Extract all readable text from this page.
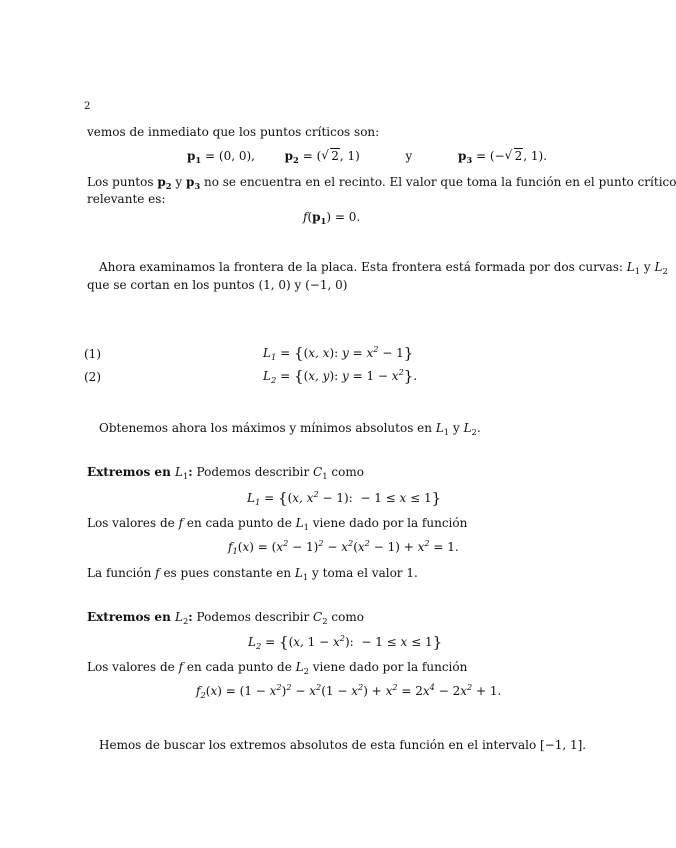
2
vemos de inmediato que los puntos críticos son:
$p_1 = (0$, 0), $p_2$ = ( √ 2, 1)	y	$p_3$ = (− √ 2, 1).
Los puntos $p_2$ y $p_3$ no se encuentra en el recinto. El valor que toma la función en el punto crítico
relevante es:
$f(p_1) = 0$.
Ahora examinamos la frontera de la placa. Esta frontera está formada por dos curvas: $L_1$ y $L_2$
que se cortan en los puntos (1, 0) y (−1, 0)
(1)	$L_1 = \{(x$, x): $y = x^2 - 1$}
(2)	$L_2 = \{(x$, y): $y = 1 - x^2$}.
Obtenemos ahora los máximos y mínimos absolutos en $L_1$ y $L_2$.
Extremos en $L_1$: Podemos describir $C_1$ como
$L_1 = \{(x$, $x^2 - 1$):  − 1 ≤ x ≤ 1}
Los valores de f en cada punto de $L_1$ viene dado por la función
$f_1(x) = (x^2 - 1)^2 - x^2(x^2 - 1) + x^2 = 1$.
La función f es pues constante en $L_1$ y toma el valor 1.
Extremos en $L_2$: Podemos describir $C_2$ como
$L_2 = \{(x$, $1 - x^2$):  − 1 ≤ x ≤ 1}
Los valores de f en cada punto de $L_2$ viene dado por la función
$f_2(x) = (1 - x^2)^2 - x^2(1 - x^2) + x^2 = 2x^4 - 2x^2 + 1$.
Hemos de buscar los extremos absolutos de esta función en el intervalo [−1, 1].
